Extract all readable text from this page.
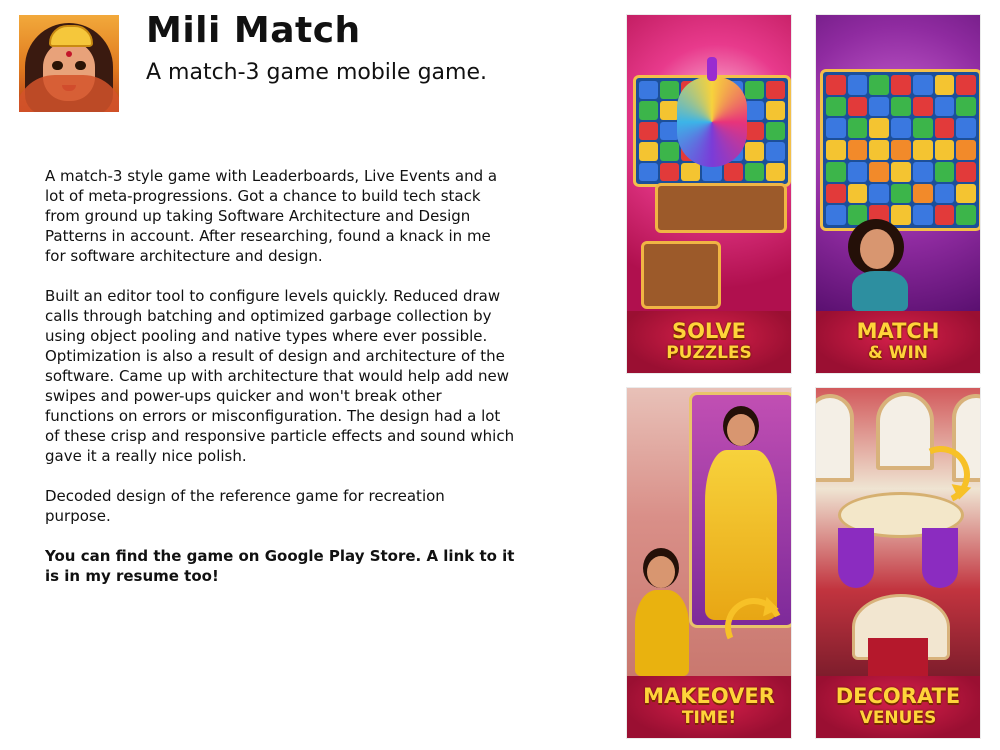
Mili Match

A match-3 game mobile game.

A match-3 style game with Leaderboards, Live Events and a lot of meta-progressions. Got a chance to build tech stack from ground up taking Software Architecture and Design Patterns in account. After researching, found a knack in me for software architecture and design.

Built an editor tool to configure levels quickly. Reduced draw calls through batching and optimized garbage collection by using object pooling and native types where ever possible. Optimization is also a result of design and architecture of the software. Came up with architecture that would help add new swipes and power-ups quicker and won't break other functions on errors or misconfiguration. The design had a lot of these crisp and responsive particle effects and sound which gave it a really nice polish.

Decoded design of the reference game for recreation purpose.

You can find the game on Google Play Store. A link to it is in my resume too!

SOLVE
PUZZLES
MATCH
& WIN
MAKEOVER
TIME!
DECORATE
VENUES
